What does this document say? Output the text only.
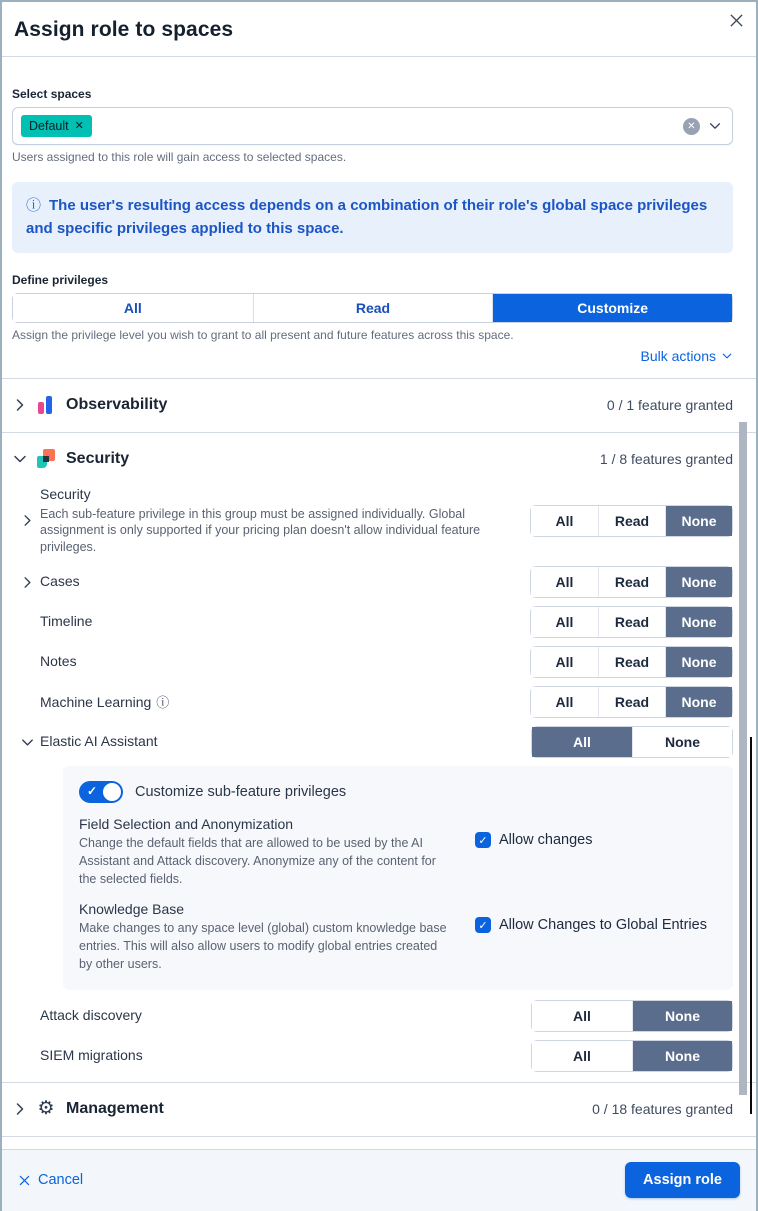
Assign role to spaces
Select spaces
Default ✕	✕
Users assigned to this role will gain access to selected spaces.
ⓘ The user's resulting access depends on a combination of their role's global space privileges and specific privileges applied to this space.
Define privileges
All	Read	Customize
Assign the privilege level you wish to grant to all present and future features across this space.
Bulk actions
Observability	0 / 1 feature granted
Security	1 / 8 features granted
Security
Each sub-feature privilege in this group must be assigned individually. Global assignment is only supported if your pricing plan doesn't allow individual feature privileges.
All	Read	None
Cases	All	Read	None
Timeline	All	Read	None
Notes	All	Read	None
Machine Learning ⓘ	All	Read	None
Elastic AI Assistant	All	None
✓	Customize sub-feature privileges
Field Selection and Anonymization

Change the default fields that are allowed to be used by the AI Assistant and Attack discovery. Anonymize any of the content for the selected fields.

✓ Allow changes
Knowledge Base

Make changes to any space level (global) custom knowledge base entries. This will also allow users to modify global entries created by other users.

✓ Allow Changes to Global Entries
Attack discovery	All	None
SIEM migrations	All	None
⚙ Management	0 / 18 features granted
Cancel	Assign role
